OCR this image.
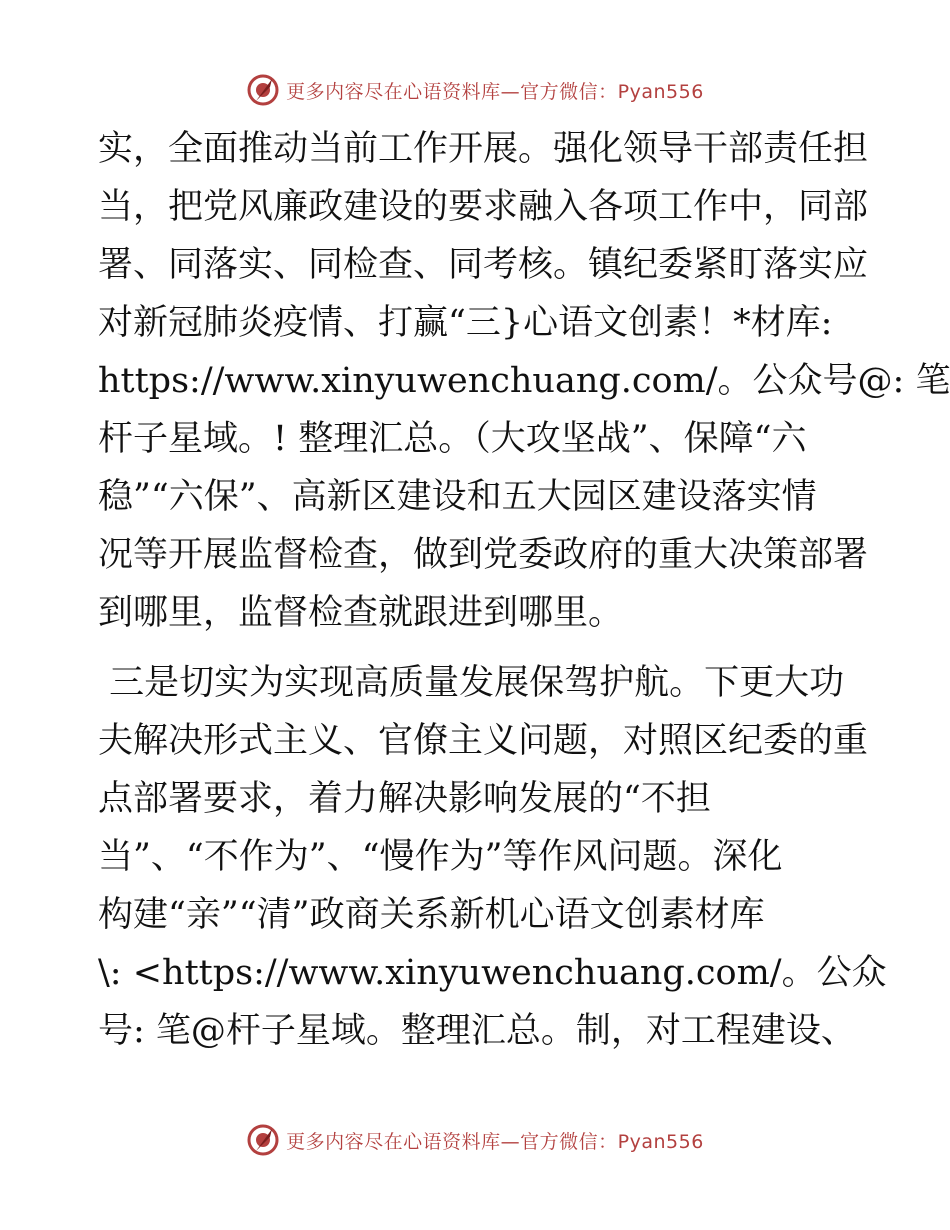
更多内容尽在心语资料库—官方微信：Pyan556

实，全面推动当前工作开展。强化领导干部责任担
当，把党风廉政建设的要求融入各项工作中，同部
署、同落实、同检查、同考核。镇纪委紧盯落实应
对新冠肺炎疫情、打赢“三}心语文创素！*材库:
https://www.xinyuwenchuang.com/。公众号@: 笔
杆子星域。! 整理汇总。（大攻坚战”、保障“六
稳”“六保”、高新区建设和五大园区建设落实情
况等开展监督检查，做到党委政府的重大决策部署
到哪里，监督检查就跟进到哪里。

三是切实为实现高质量发展保驾护航。下更大功
夫解决形式主义、官僚主义问题，对照区纪委的重
点部署要求，着力解决影响发展的“不担
当”、“不作为”、“慢作为”等作风问题。深化
构建“亲”“清”政商关系新机心语文创素材库
\: <https://www.xinyuwenchuang.com/。公众
号: 笔@杆子星域。整理汇总。制，对工程建设、

更多内容尽在心语资料库—官方微信：Pyan556
